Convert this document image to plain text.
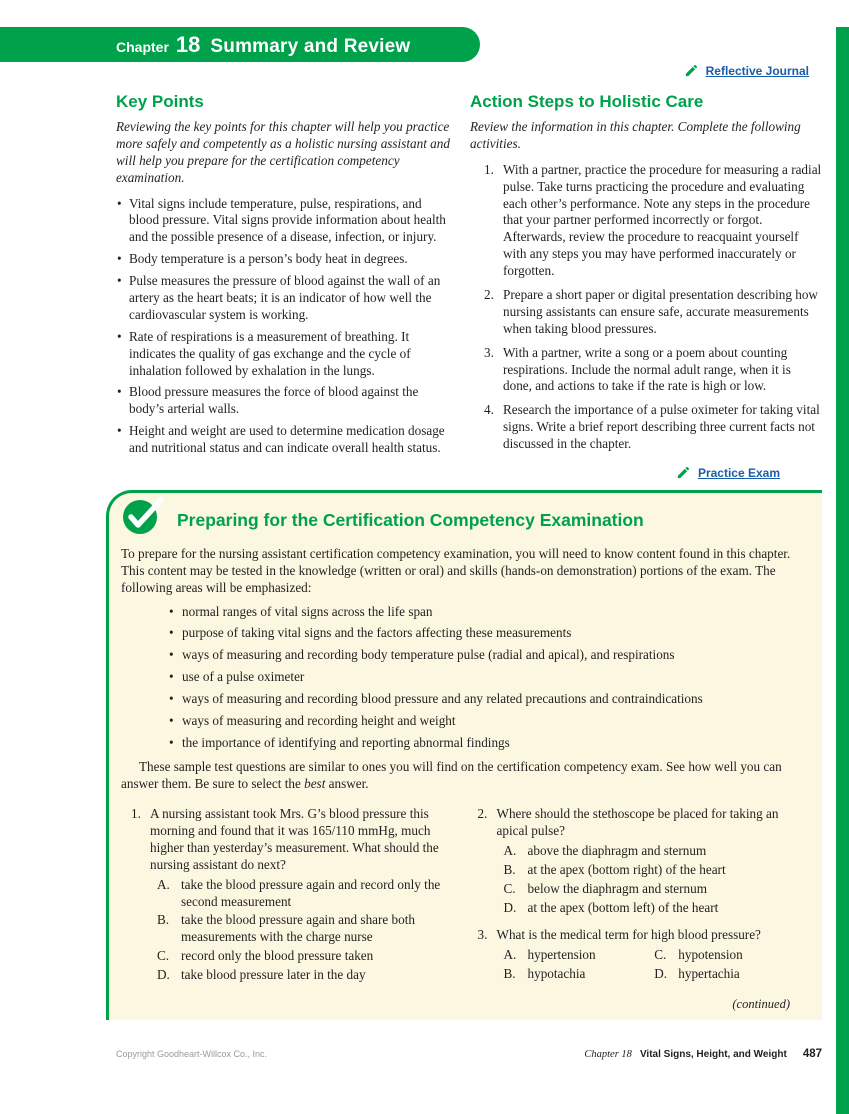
Chapter 18 Summary and Review
Reflective Journal
Key Points

Reviewing the key points for this chapter will help you practice more safely and competently as a holistic nursing assistant and will help you prepare for the certification competency examination.

• Vital signs include temperature, pulse, respirations, and blood pressure. Vital signs provide information about health and the possible presence of a disease, infection, or injury.
• Body temperature is a person’s body heat in degrees.
• Pulse measures the pressure of blood against the wall of an artery as the heart beats; it is an indicator of how well the cardiovascular system is working.
• Rate of respirations is a measurement of breathing. It indicates the quality of gas exchange and the cycle of inhalation followed by exhalation in the lungs.
• Blood pressure measures the force of blood against the body’s arterial walls.
• Height and weight are used to determine medication dosage and nutritional status and can indicate overall health status.
Action Steps to Holistic Care

Review the information in this chapter. Complete the following activities.

1. With a partner, practice the procedure for measuring a radial pulse. Take turns practicing the procedure and evaluating each other’s performance. Note any steps in the procedure that your partner performed incorrectly or forgot. Afterwards, review the procedure to reacquaint yourself with any steps you may have performed inaccurately or forgotten.
2. Prepare a short paper or digital presentation describing how nursing assistants can ensure safe, accurate measurements when taking blood pressures.
3. With a partner, write a song or a poem about counting respirations. Include the normal adult range, when it is done, and actions to take if the rate is high or low.
4. Research the importance of a pulse oximeter for taking vital signs. Write a brief report describing three current facts not discussed in the chapter.
Practice Exam
Preparing for the Certification Competency Examination

To prepare for the nursing assistant certification competency examination, you will need to know content found in this chapter. This content may be tested in the knowledge (written or oral) and skills (hands-on demonstration) portions of the exam. The following areas will be emphasized:

• normal ranges of vital signs across the life span
• purpose of taking vital signs and the factors affecting these measurements
• ways of measuring and recording body temperature pulse (radial and apical), and respirations
• use of a pulse oximeter
• ways of measuring and recording blood pressure and any related precautions and contraindications
• ways of measuring and recording height and weight
• the importance of identifying and reporting abnormal findings

These sample test questions are similar to ones you will find on the certification competency exam. See how well you can answer them. Be sure to select the best answer.

1. A nursing assistant took Mrs. G’s blood pressure this morning and found that it was 165/110 mmHg, much higher than yesterday’s measurement. What should the nursing assistant do next?
A. take the blood pressure again and record only the second measurement
B. take the blood pressure again and share both measurements with the charge nurse
C. record only the blood pressure taken
D. take blood pressure later in the day
2. Where should the stethoscope be placed for taking an apical pulse?
A. above the diaphragm and sternum
B. at the apex (bottom right) of the heart
C. below the diaphragm and sternum
D. at the apex (bottom left) of the heart
3. What is the medical term for high blood pressure?
A. hypertension	C. hypotension
B. hypotachia	D. hypertachia

(continued)

Copyright Goodheart-Willcox Co., Inc.	Chapter 18 Vital Signs, Height, and Weight 487
